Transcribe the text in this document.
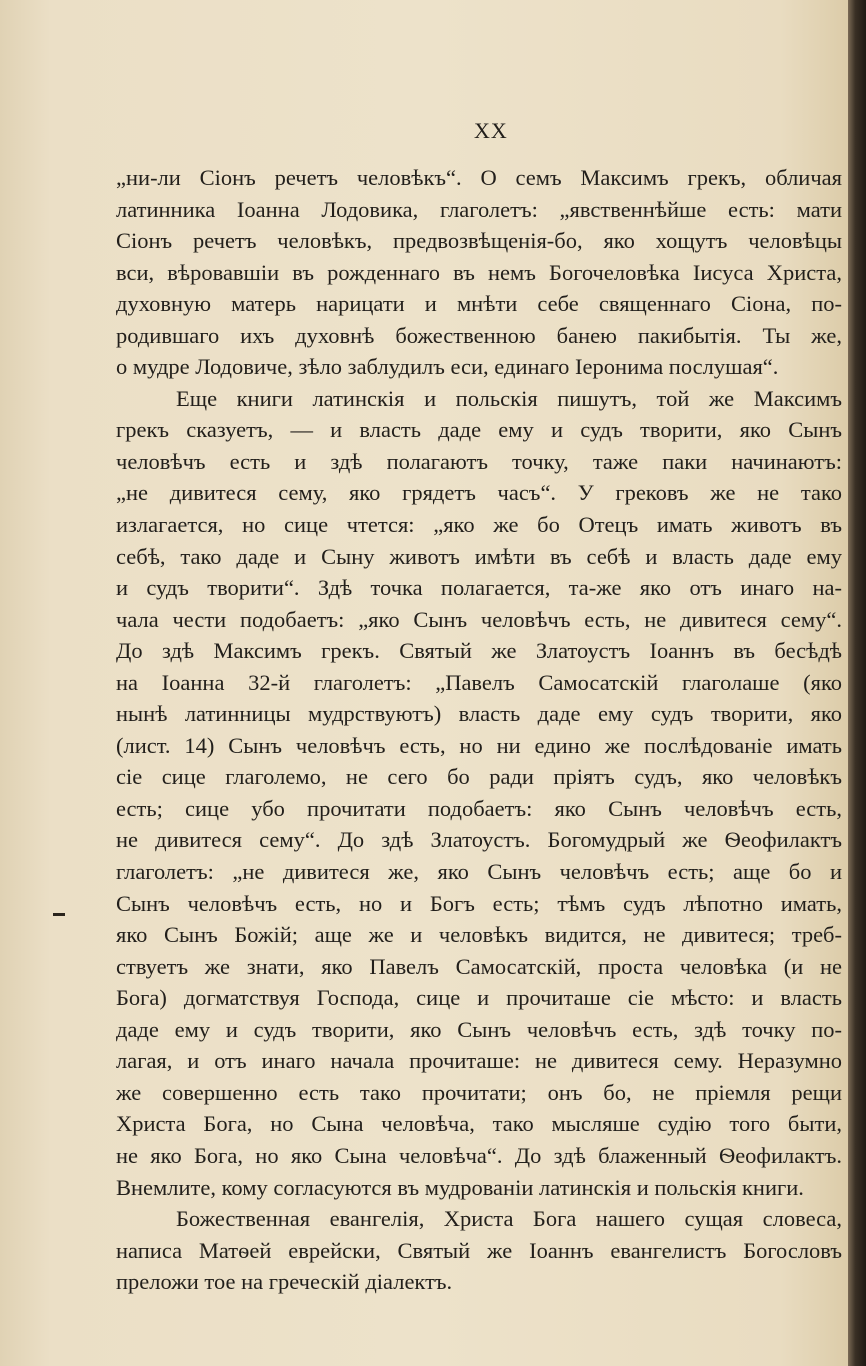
XX
„ни-ли Сіонъ речетъ человѣкъ“. О семъ Максимъ грекъ, обличая
латинника Іоанна Лодовика, глаголетъ: „явственнѣйше есть: мати
Сіонъ речетъ человѣкъ, предвозвѣщенія-бо, яко хощутъ человѣцы
вси, вѣровавшіи въ рожденнаго въ немъ Богочеловѣка Іисуса Христа,
духовную матерь нарицати и мнѣти себе священнаго Сіона, по-
родившаго ихъ духовнѣ божественною банею пакибытія. Ты же,
о мудре Лодовиче, зѣло заблудилъ еси, единаго Іеронима послушая“.
Еще книги латинскія и польскія пишутъ, той же Максимъ
грекъ сказуетъ, — и власть даде ему и судъ творити, яко Сынъ
человѣчъ есть и здѣ полагаютъ точку, таже паки начинаютъ:
„не дивитеся сему, яко грядетъ часъ“. У грековъ же не тако
излагается, но сице чтется: „яко же бо Отецъ имать животъ въ
себѣ, тако даде и Сыну животъ имѣти въ себѣ и власть даде ему
и судъ творити“. Здѣ точка полагается, та-же яко отъ инаго на-
чала чести подобаетъ: „яко Сынъ человѣчъ есть, не дивитеся сему“.
До здѣ Максимъ грекъ. Святый же Златоустъ Іоаннъ въ бесѣдѣ
на Іоанна 32-й глаголетъ: „Павелъ Самосатскій глаголаше (яко
нынѣ латинницы мудрствуютъ) власть даде ему судъ творити, яко
(лист. 14) Сынъ человѣчъ есть, но ни едино же послѣдованіе имать
сіе сице глаголемо, не сего бо ради пріятъ судъ, яко человѣкъ
есть; сице убо прочитати подобаетъ: яко Сынъ человѣчъ есть,
не дивитеся сему“. До здѣ Златоустъ. Богомудрый же Ѳеофилактъ
глаголетъ: „не дивитеся же, яко Сынъ человѣчъ есть; аще бо и
Сынъ человѣчъ есть, но и Богъ есть; тѣмъ судъ лѣпотно имать,
яко Сынъ Божій; аще же и человѣкъ видится, не дивитеся; треб-
ствуетъ же знати, яко Павелъ Самосатскій, проста человѣка (и не
Бога) догматствуя Господа, сице и прочиташе сіе мѣсто: и власть
даде ему и судъ творити, яко Сынъ человѣчъ есть, здѣ точку по-
лагая, и отъ инаго начала прочиташе: не дивитеся сему. Неразумно
же совершенно есть тако прочитати; онъ бо, не пріемля рещи
Христа Бога, но Сына человѣча, тако мысляше судію того быти,
не яко Бога, но яко Сына человѣча“. До здѣ блаженный Ѳеофилактъ.
Внемлите, кому согласуются въ мудрованіи латинскія и польскія книги.
Божественная евангелія, Христа Бога нашего сущая словеса,
написа Матѳей еврейски, Святый же Іоаннъ евангелистъ Богословъ
преложи тое на греческій діалектъ.
